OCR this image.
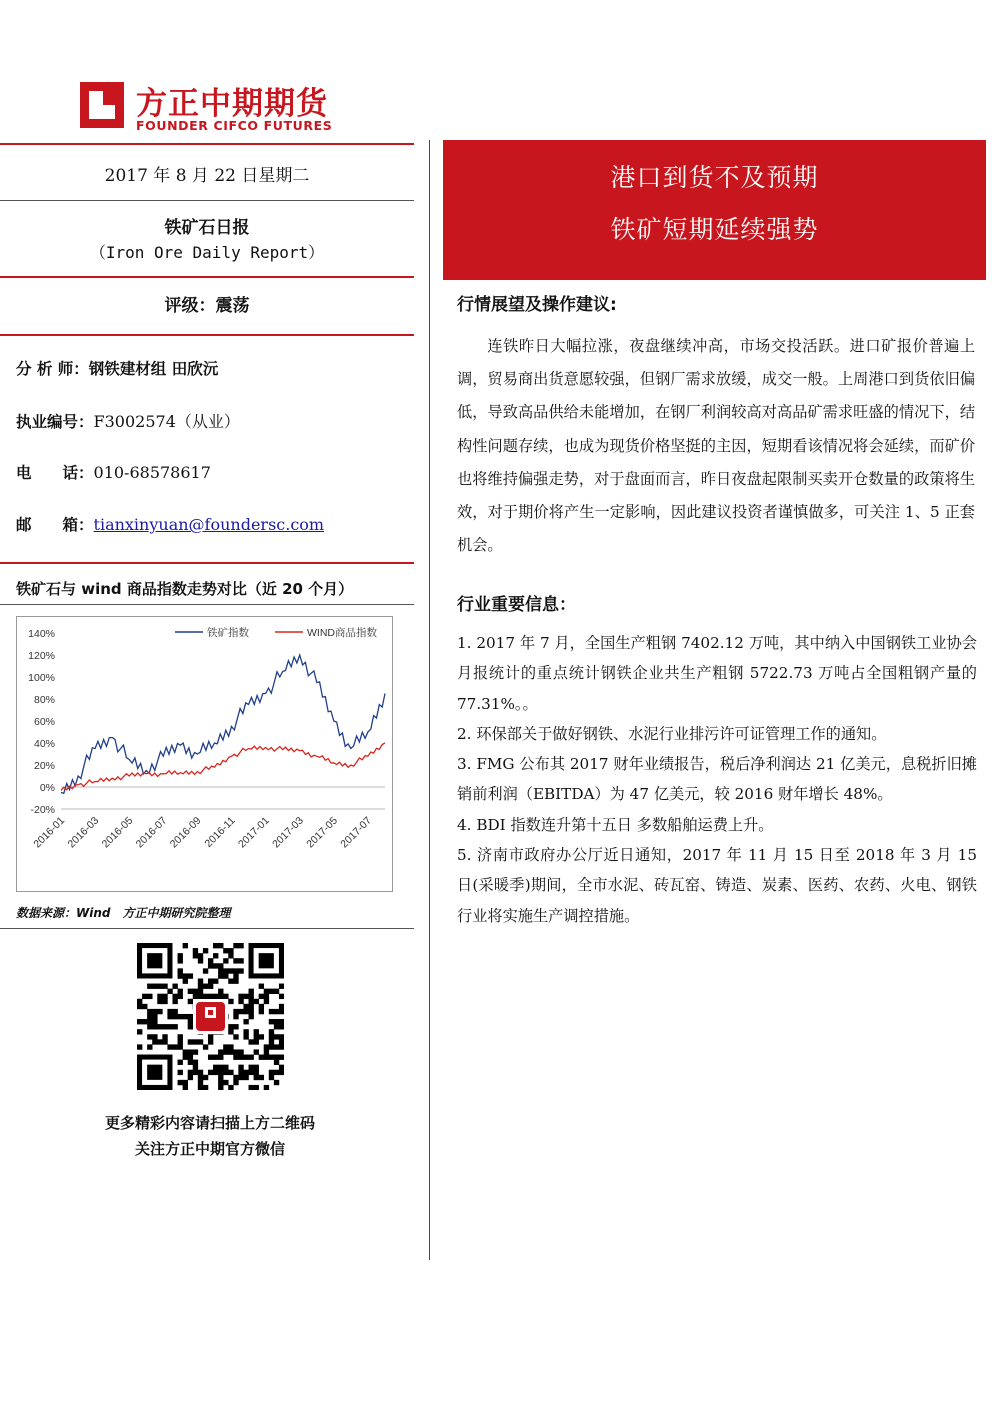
方正中期期货
FOUNDER CIFCO FUTURES
2017 年 8 月 22 日星期二
铁矿石日报
（Iron Ore Daily Report）
评级：震荡
分 析 师：钢铁建材组 田欣沅
执业编号：F3002574（从业）
电　　话：010-68578617
邮　　箱：tianxinyuan@foundersc.com
铁矿石与 wind 商品指数走势对比（近 20 个月）
140%
120%
100%
80%
60%
40%
20%
0%
-20%
2016-01
2016-03
2016-05
2016-07
2016-09
2016-11
2017-01
2017-03
2017-05
2017-07
铁矿指数	WIND商品指数
数据来源：Wind　方正中期研究院整理
更多精彩内容请扫描上方二维码
关注方正中期官方微信
港口到货不及预期
铁矿短期延续强势
行情展望及操作建议:

连铁昨日大幅拉涨，夜盘继续冲高，市场交投活跃。进口矿报价普遍上调，贸易商出货意愿较强，但钢厂需求放缓，成交一般。上周港口到货依旧偏低，导致高品供给未能增加，在钢厂利润较高对高品矿需求旺盛的情况下，结构性问题存续，也成为现货价格坚挺的主因，短期看该情况将会延续，而矿价也将维持偏强走势，对于盘面而言，昨日夜盘起限制买卖开仓数量的政策将生效，对于期价将产生一定影响，因此建议投资者谨慎做多，可关注 1、5 正套机会。

行业重要信息：
1. 2017 年 7 月，全国生产粗钢 7402.12 万吨，其中纳入中国钢铁工业协会月报统计的重点统计钢铁企业共生产粗钢 5722.73 万吨占全国粗钢产量的 77.31%。。
2. 环保部关于做好钢铁、水泥行业排污许可证管理工作的通知。
3. FMG 公布其 2017 财年业绩报告，税后净利润达 21 亿美元，息税折旧摊销前利润（EBITDA）为 47 亿美元，较 2016 财年增长 48%。
4. BDI 指数连升第十五日 多数船舶运费上升。
5. 济南市政府办公厅近日通知，2017 年 11 月 15 日至 2018 年 3 月 15 日(采暖季)期间，全市水泥、砖瓦窑、铸造、炭素、医药、农药、火电、钢铁行业将实施生产调控措施。
